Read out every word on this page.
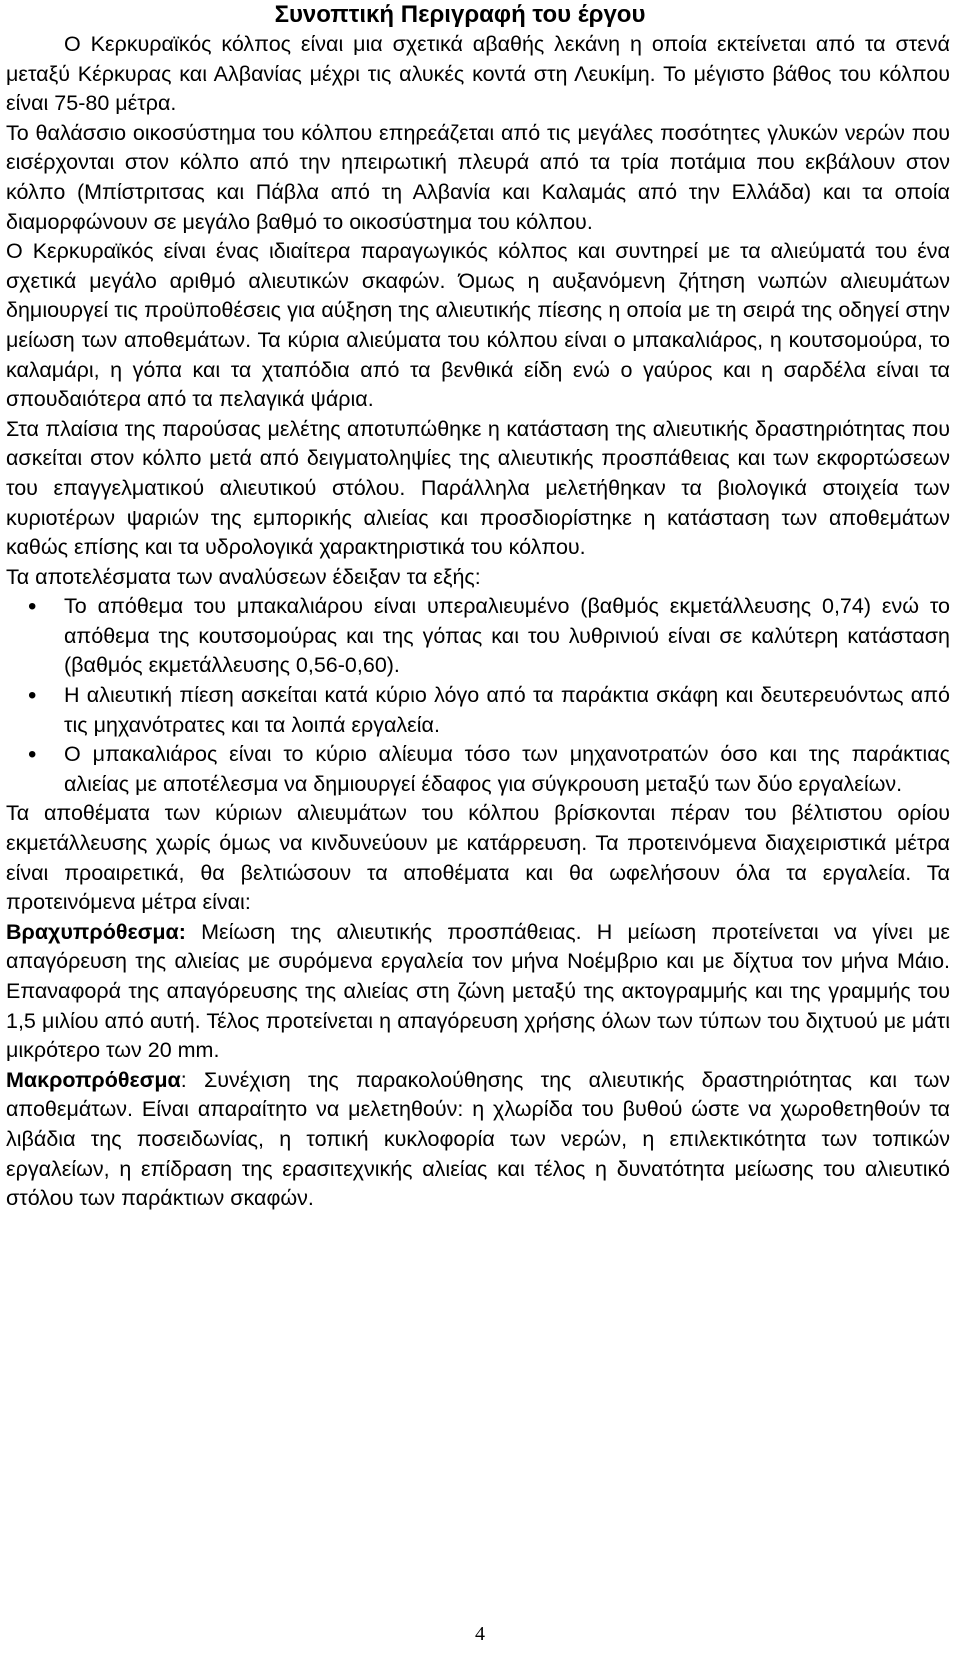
Συνοπτική Περιγραφή του έργου

Ο Κερκυραϊκός κόλπος είναι μια σχετικά αβαθής λεκάνη η οποία εκτείνεται από τα στενά μεταξύ Κέρκυρας και Αλβανίας μέχρι τις αλυκές κοντά στη Λευκίμη. Το μέγιστο βάθος του κόλπου είναι 75-80 μέτρα.

Το θαλάσσιο οικοσύστημα του κόλπου επηρεάζεται από τις μεγάλες ποσότητες γλυκών νερών που εισέρχονται στον κόλπο από την ηπειρωτική πλευρά από τα τρία ποτάμια που εκβάλουν στον κόλπο (Μπίστριτσας και Πάβλα από τη Αλβανία και Καλαμάς από την Ελλάδα) και τα οποία διαμορφώνουν σε μεγάλο βαθμό το οικοσύστημα του κόλπου.

Ο Κερκυραϊκός είναι ένας ιδιαίτερα παραγωγικός κόλπος και συντηρεί με τα αλιεύματά του ένα σχετικά μεγάλο αριθμό αλιευτικών σκαφών. Όμως η αυξανόμενη ζήτηση νωπών αλιευμάτων δημιουργεί τις προϋποθέσεις για αύξηση της αλιευτικής πίεσης η οποία με τη σειρά της οδηγεί στην μείωση των αποθεμάτων. Τα κύρια αλιεύματα του κόλπου είναι ο μπακαλιάρος, η κουτσομούρα, το καλαμάρι, η γόπα και τα χταπόδια από τα βενθικά είδη ενώ ο γαύρος και η σαρδέλα είναι τα σπουδαιότερα από τα πελαγικά ψάρια.

Στα πλαίσια της παρούσας μελέτης αποτυπώθηκε η κατάσταση της αλιευτικής δραστηριότητας που ασκείται στον κόλπο μετά από δειγματοληψίες της αλιευτικής προσπάθειας και των εκφορτώσεων του επαγγελματικού αλιευτικού στόλου. Παράλληλα μελετήθηκαν τα βιολογικά στοιχεία των κυριοτέρων ψαριών της εμπορικής αλιείας και προσδιορίστηκε η κατάσταση των αποθεμάτων καθώς επίσης και τα υδρολογικά χαρακτηριστικά του κόλπου.

Τα αποτελέσματα των αναλύσεων έδειξαν τα εξής:

• Το απόθεμα του μπακαλιάρου είναι υπεραλιευμένο (βαθμός εκμετάλλευσης 0,74) ενώ το απόθεμα της κουτσομούρας και της γόπας και του λυθρινιού είναι σε καλύτερη κατάσταση (βαθμός εκμετάλλευσης 0,56-0,60).
• Η αλιευτική πίεση ασκείται κατά κύριο λόγο από τα παράκτια σκάφη και δευτερευόντως από τις μηχανότρατες και τα λοιπά εργαλεία.
• Ο μπακαλιάρος είναι το κύριο αλίευμα τόσο των μηχανοτρατών όσο και της παράκτιας αλιείας με αποτέλεσμα να δημιουργεί έδαφος για σύγκρουση μεταξύ των δύο εργαλείων.

Τα αποθέματα των κύριων αλιευμάτων του κόλπου βρίσκονται πέραν του βέλτιστου ορίου εκμετάλλευσης χωρίς όμως να κινδυνεύουν με κατάρρευση. Τα προτεινόμενα διαχειριστικά μέτρα είναι προαιρετικά, θα βελτιώσουν τα αποθέματα και θα ωφελήσουν όλα τα εργαλεία. Τα προτεινόμενα μέτρα είναι:

Βραχυπρόθεσμα: Μείωση της αλιευτικής προσπάθειας. Η μείωση προτείνεται να γίνει με απαγόρευση της αλιείας με συρόμενα εργαλεία τον μήνα Νοέμβριο και με δίχτυα τον μήνα Μάιο. Επαναφορά της απαγόρευσης της αλιείας στη ζώνη μεταξύ της ακτογραμμής και της γραμμής του 1,5 μιλίου από αυτή. Τέλος προτείνεται η απαγόρευση χρήσης όλων των τύπων του διχτυού με μάτι μικρότερο των 20 mm.

Μακροπρόθεσμα: Συνέχιση της παρακολούθησης της αλιευτικής δραστηριότητας και των αποθεμάτων. Είναι απαραίτητο να μελετηθούν: η χλωρίδα του βυθού ώστε να χωροθετηθούν τα λιβάδια της ποσειδωνίας, η τοπική κυκλοφορία των νερών, η επιλεκτικότητα των τοπικών εργαλείων, η επίδραση της ερασιτεχνικής αλιείας και τέλος η δυνατότητα μείωσης του αλιευτικό στόλου των παράκτιων σκαφών.

4
